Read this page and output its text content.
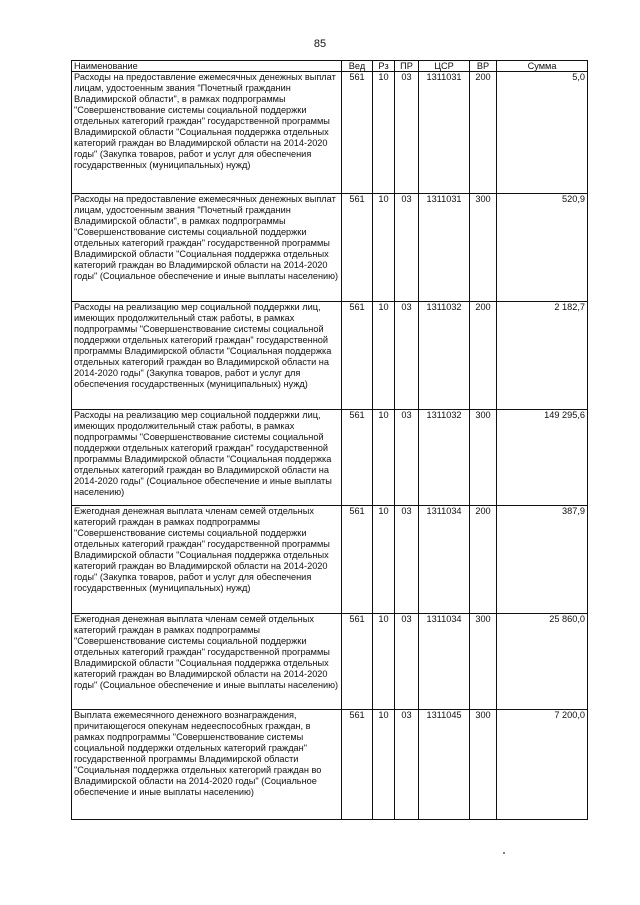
85
Наименование	Вед	Рз	ПР	ЦСР	ВР	Сумма
Расходы на предоставление ежемесячных денежных выплат лицам, удостоенным звания "Почетный гражданин Владимирской области", в рамках подпрограммы "Совершенствование системы социальной поддержки отдельных категорий граждан" государственной программы Владимирской области "Социальная поддержка отдельных категорий граждан во Владимирской области на 2014-2020 годы" (Закупка товаров, работ и услуг для обеспечения государственных (муниципальных) нужд)	561	10	03	1311031	200	5,0
Расходы на предоставление ежемесячных денежных выплат лицам, удостоенным звания "Почетный гражданин Владимирской области", в рамках подпрограммы "Совершенствование системы социальной поддержки отдельных категорий граждан" государственной программы Владимирской области "Социальная поддержка отдельных категорий граждан во Владимирской области на 2014-2020 годы" (Социальное обеспечение и иные выплаты населению)	561	10	03	1311031	300	520,9
Расходы на реализацию мер социальной поддержки лиц, имеющих продолжительный стаж работы, в рамках подпрограммы "Совершенствование системы социальной поддержки отдельных категорий граждан" государственной программы Владимирской области "Социальная поддержка отдельных категорий граждан во Владимирской области на 2014-2020 годы" (Закупка товаров, работ и услуг для обеспечения государственных (муниципальных) нужд)	561	10	03	1311032	200	2 182,7
Расходы на реализацию мер социальной поддержки лиц, имеющих продолжительный стаж работы, в рамках подпрограммы "Совершенствование системы социальной поддержки отдельных категорий граждан" государственной программы Владимирской области "Социальная поддержка отдельных категорий граждан во Владимирской области на 2014-2020 годы" (Социальное обеспечение и иные выплаты населению)	561	10	03	1311032	300	149 295,6
Ежегодная денежная выплата членам семей отдельных категорий граждан в рамках подпрограммы "Совершенствование системы социальной поддержки отдельных категорий граждан" государственной программы Владимирской области "Социальная поддержка отдельных категорий граждан во Владимирской области на 2014-2020 годы" (Закупка товаров, работ и услуг для обеспечения государственных (муниципальных) нужд)	561	10	03	1311034	200	387,9
Ежегодная денежная выплата членам семей отдельных категорий граждан в рамках подпрограммы "Совершенствование системы социальной поддержки отдельных категорий граждан" государственной программы Владимирской области "Социальная поддержка отдельных категорий граждан во Владимирской области на 2014-2020 годы" (Социальное обеспечение и иные выплаты населению)	561	10	03	1311034	300	25 860,0
Выплата ежемесячного денежного вознаграждения, причитающегося опекунам недееспособных граждан, в рамках подпрограммы "Совершенствование системы социальной поддержки отдельных категорий граждан" государственной программы Владимирской области "Социальная поддержка отдельных категорий граждан во Владимирской области на 2014-2020 годы" (Социальное обеспечение и иные выплаты населению)	561	10	03	1311045	300	7 200,0
